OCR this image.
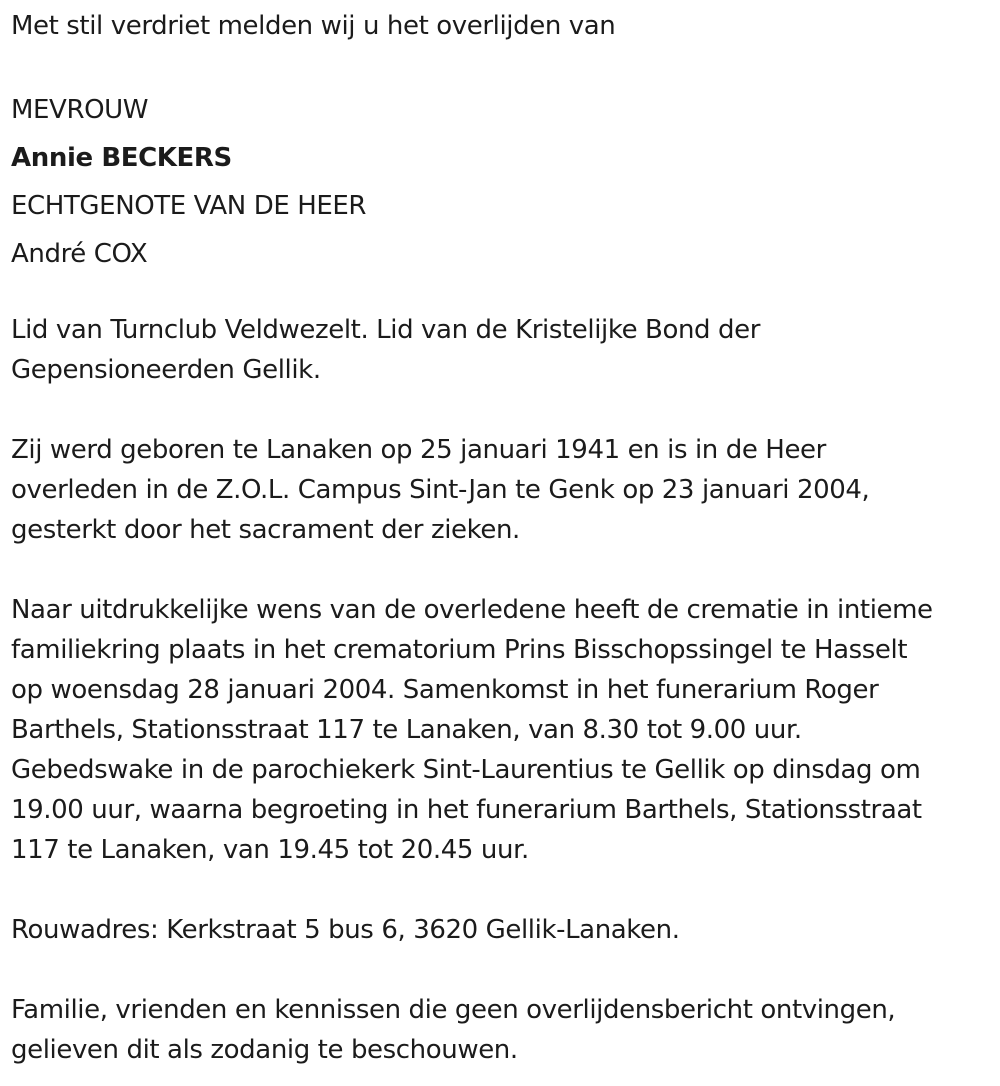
Met stil verdriet melden wij u het overlijden van

MEVROUW

Annie BECKERS

ECHTGENOTE VAN DE HEER

André COX

Lid van Turnclub Veldwezelt. Lid van de Kristelijke Bond der
Gepensioneerden Gellik.

Zij werd geboren te Lanaken op 25 januari 1941 en is in de Heer
overleden in de Z.O.L. Campus Sint-Jan te Genk op 23 januari 2004,
gesterkt door het sacrament der zieken.

Naar uitdrukkelijke wens van de overledene heeft de crematie in intieme
familiekring plaats in het crematorium Prins Bisschopssingel te Hasselt
op woensdag 28 januari 2004. Samenkomst in het funerarium Roger
Barthels, Stationsstraat 117 te Lanaken, van 8.30 tot 9.00 uur.
Gebedswake in de parochiekerk Sint-Laurentius te Gellik op dinsdag om
19.00 uur, waarna begroeting in het funerarium Barthels, Stationsstraat
117 te Lanaken, van 19.45 tot 20.45 uur.

Rouwadres: Kerkstraat 5 bus 6, 3620 Gellik-Lanaken.

Familie, vrienden en kennissen die geen overlijdensbericht ontvingen,
gelieven dit als zodanig te beschouwen.
